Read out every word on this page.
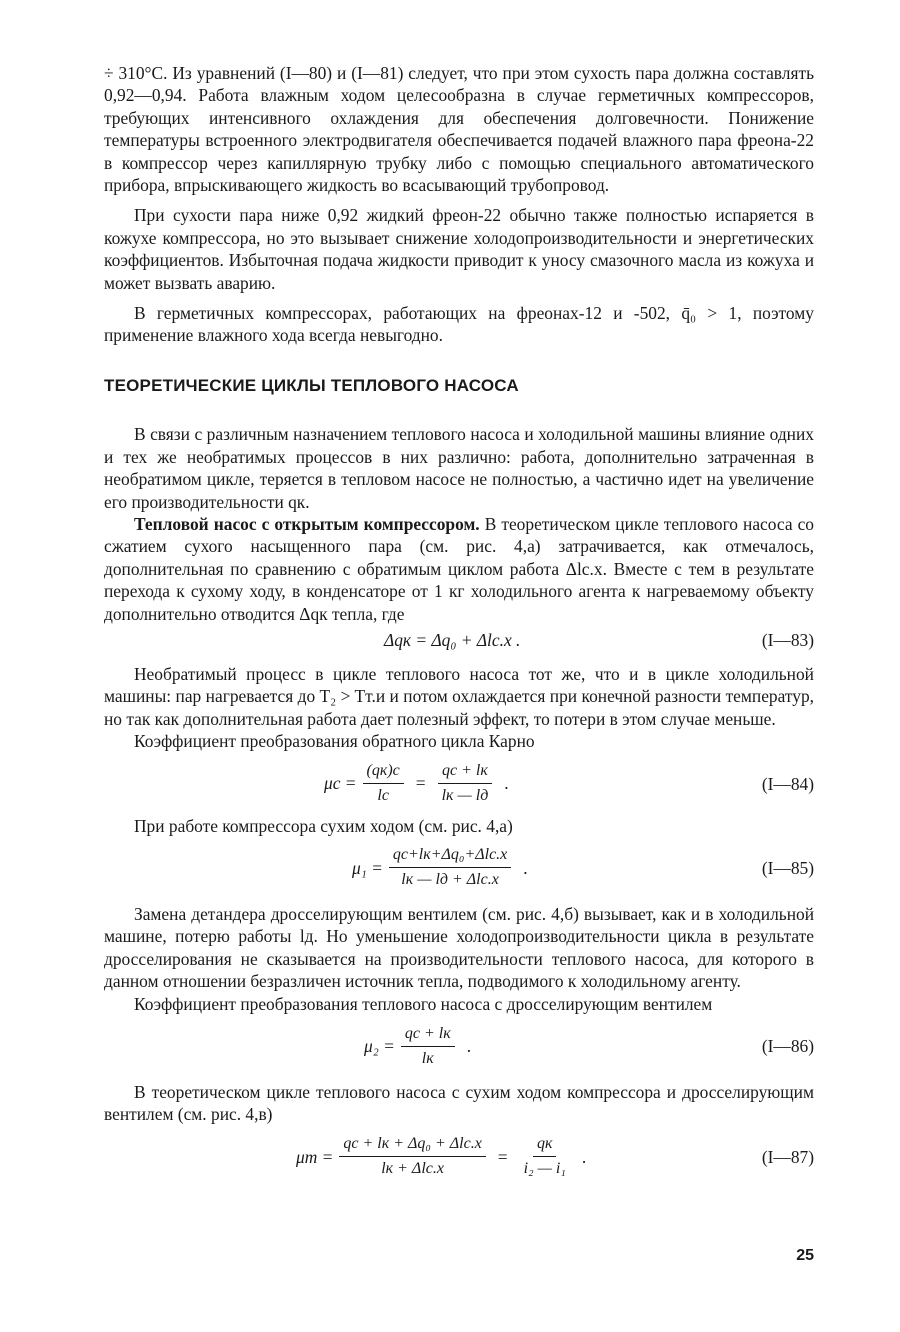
÷ 310°C. Из уравнений (I—80) и (I—81) следует, что при этом сухость пара должна составлять 0,92—0,94. Работа влажным ходом целесообразна в случае герметичных компрессоров, требующих интенсивного охлаждения для обеспечения долговечности. Понижение температуры встроенного электродвигателя обеспечивается подачей влажного пара фреона-22 в компрессор через капиллярную трубку либо с помощью специального автоматического прибора, впрыскивающего жидкость во всасывающий трубопровод.

При сухости пара ниже 0,92 жидкий фреон-22 обычно также полностью испаряется в кожухе компрессора, но это вызывает снижение холодопроизводительности и энергетических коэффициентов. Избыточная подача жидкости приводит к уносу смазочного масла из кожуха и может вызвать аварию.

В герметичных компрессорах, работающих на фреонах-12 и -502, q̄₀ > 1, поэтому применение влажного хода всегда невыгодно.

ТЕОРЕТИЧЕСКИЕ ЦИКЛЫ ТЕПЛОВОГО НАСОСА

В связи с различным назначением теплового насоса и холодильной машины влияние одних и тех же необратимых процессов в них различно: работа, дополнительно затраченная в необратимом цикле, теряется в тепловом насосе не полностью, а частично идет на увеличение его производительности qк.

Тепловой насос с открытым компрессором. В теоретическом цикле теплового насоса со сжатием сухого насыщенного пара (см. рис. 4,а) затрачивается, как отмечалось, дополнительная по сравнению с обратимым циклом работа Δlс.х. Вместе с тем в результате перехода к сухому ходу, в конденсаторе от 1 кг холодильного агента к нагреваемому объекту дополнительно отводится Δqк тепла, где

Δqк = Δq₀ + Δlс.х .	(I—83)

Необратимый процесс в цикле теплового насоса тот же, что и в цикле холодильной машины: пар нагревается до T₂ > Tт.и и потом охлаждается при конечной разности температур, но так как дополнительная работа дает полезный эффект, то потери в этом случае меньше.

Коэффициент преобразования обратного цикла Карно

$\mu c = \frac{(qк)c}{lc} = \frac{qc + lк}{lк — lд}$ .	(I—84)

При работе компрессора сухим ходом (см. рис. 4,а)

$\mu_1 = \frac{\text{qc+lк+Δq₀+Δlс.х}}{\text{lк — lд + Δlс.х}}$ .	(I—85)

Замена детандера дросселирующим вентилем (см. рис. 4,б) вызывает, как и в холодильной машине, потерю работы lд. Но уменьшение холодопроизводительности цикла в результате дросселирования не сказывается на производительности теплового насоса, для которого в данном отношении безразличен источник тепла, подводимого к холодильному агенту.

Коэффициент преобразования теплового насоса с дросселирующим вентилем

$\mu_2 = \frac{qc + lк}{lк}$ .	(I—86)

В теоретическом цикле теплового насоса с сухим ходом компрессора и дросселирующим вентилем (см. рис. 4,в)

$\mu т = \frac{\text{qc + lк + Δq₀ + Δlс.х}}{\text{lк + Δlс.х}} = \frac{qк}{\text{i₂ — i₁}}$ .	(I—87)
25
